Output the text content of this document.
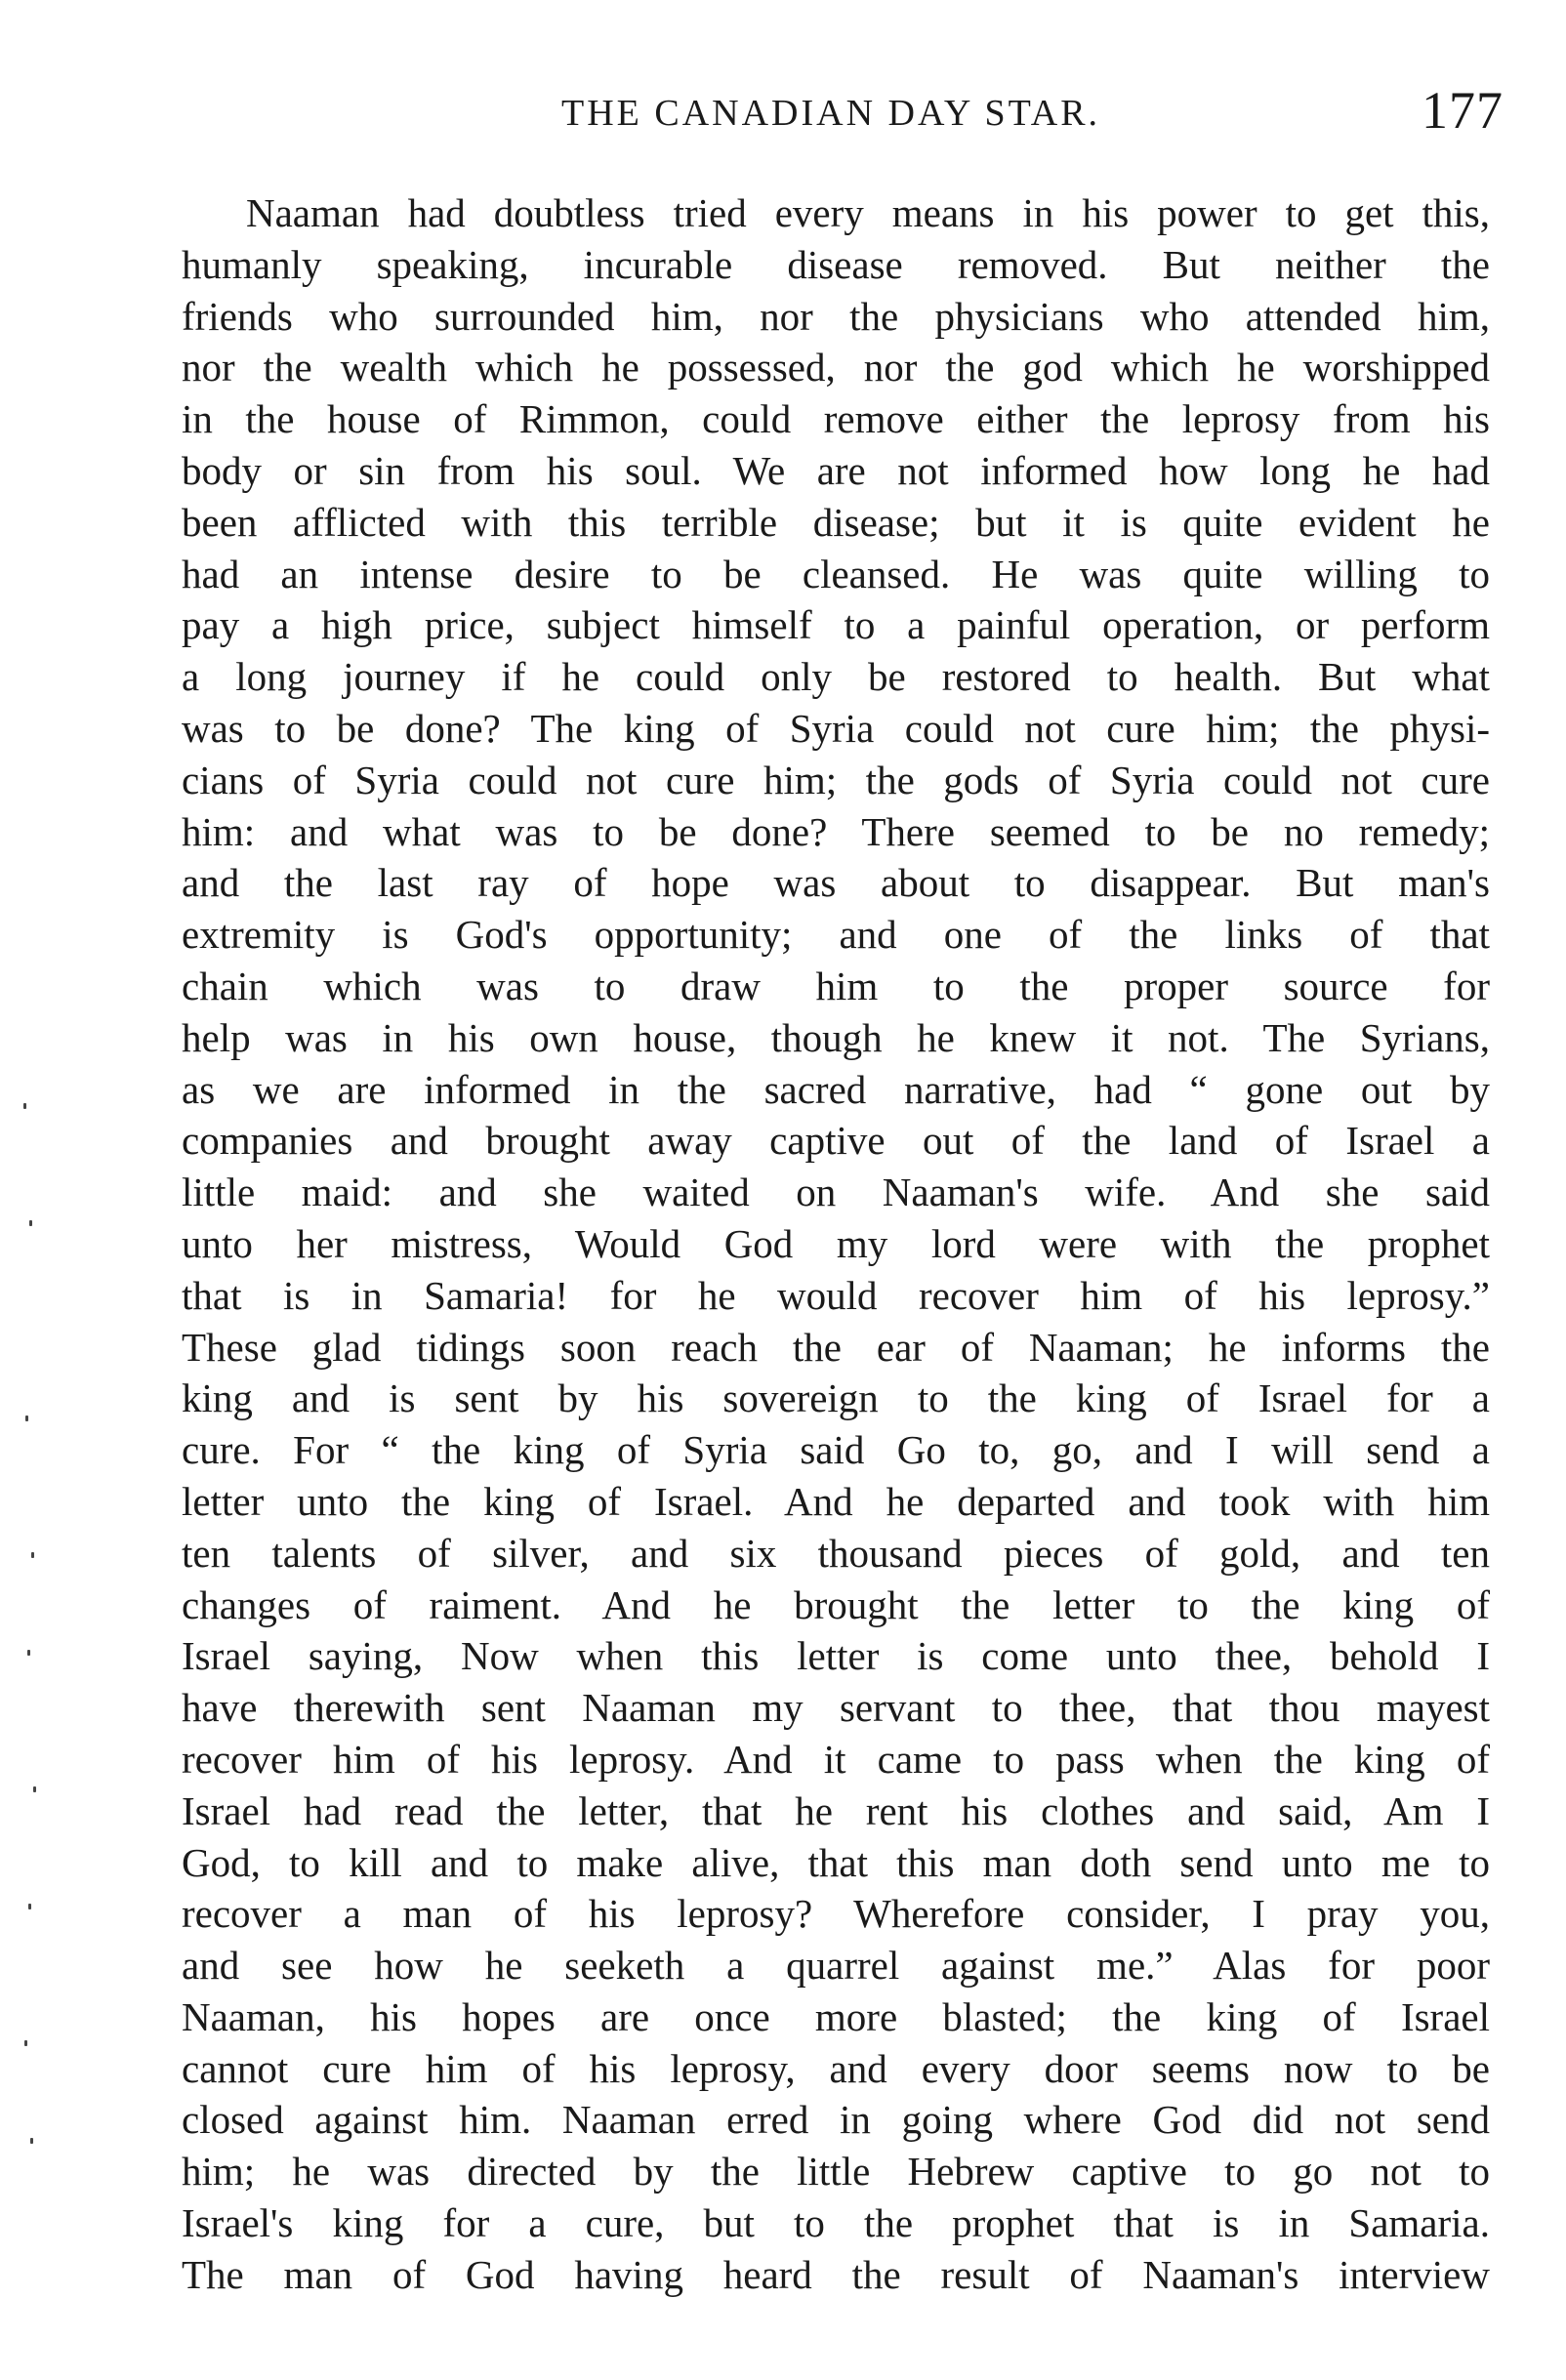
THE CANADIAN DAY STAR.	177
Naaman had doubtless tried every means in his power to get this,
humanly speaking, incurable disease removed. But neither the
friends who surrounded him, nor the physicians who attended him,
nor the wealth which he possessed, nor the god which he worshipped
in the house of Rimmon, could remove either the leprosy from his
body or sin from his soul. We are not informed how long he had
been afflicted with this terrible disease; but it is quite evident he
had an intense desire to be cleansed. He was quite willing to
pay a high price, subject himself to a painful operation, or perform
a long journey if he could only be restored to health. But what
was to be done? The king of Syria could not cure him; the physi-
cians of Syria could not cure him; the gods of Syria could not cure
him: and what was to be done? There seemed to be no remedy;
and the last ray of hope was about to disappear. But man's
extremity is God's opportunity; and one of the links of that
chain which was to draw him to the proper source for
help was in his own house, though he knew it not. The Syrians,
as we are informed in the sacred narrative, had “ gone out by
companies and brought away captive out of the land of Israel a
little maid: and she waited on Naaman's wife. And she said
unto her mistress, Would God my lord were with the prophet
that is in Samaria! for he would recover him of his leprosy.”
These glad tidings soon reach the ear of Naaman; he informs the
king and is sent by his sovereign to the king of Israel for a
cure. For “ the king of Syria said Go to, go, and I will send a
letter unto the king of Israel. And he departed and took with him
ten talents of silver, and six thousand pieces of gold, and ten
changes of raiment. And he brought the letter to the king of
Israel saying, Now when this letter is come unto thee, behold I
have therewith sent Naaman my servant to thee, that thou mayest
recover him of his leprosy. And it came to pass when the king of
Israel had read the letter, that he rent his clothes and said, Am I
God, to kill and to make alive, that this man doth send unto me to
recover a man of his leprosy? Wherefore consider, I pray you,
and see how he seeketh a quarrel against me.” Alas for poor
Naaman, his hopes are once more blasted; the king of Israel
cannot cure him of his leprosy, and every door seems now to be
closed against him. Naaman erred in going where God did not send
him; he was directed by the little Hebrew captive to go not to
Israel's king for a cure, but to the prophet that is in Samaria.
The man of God having heard the result of Naaman's interview
